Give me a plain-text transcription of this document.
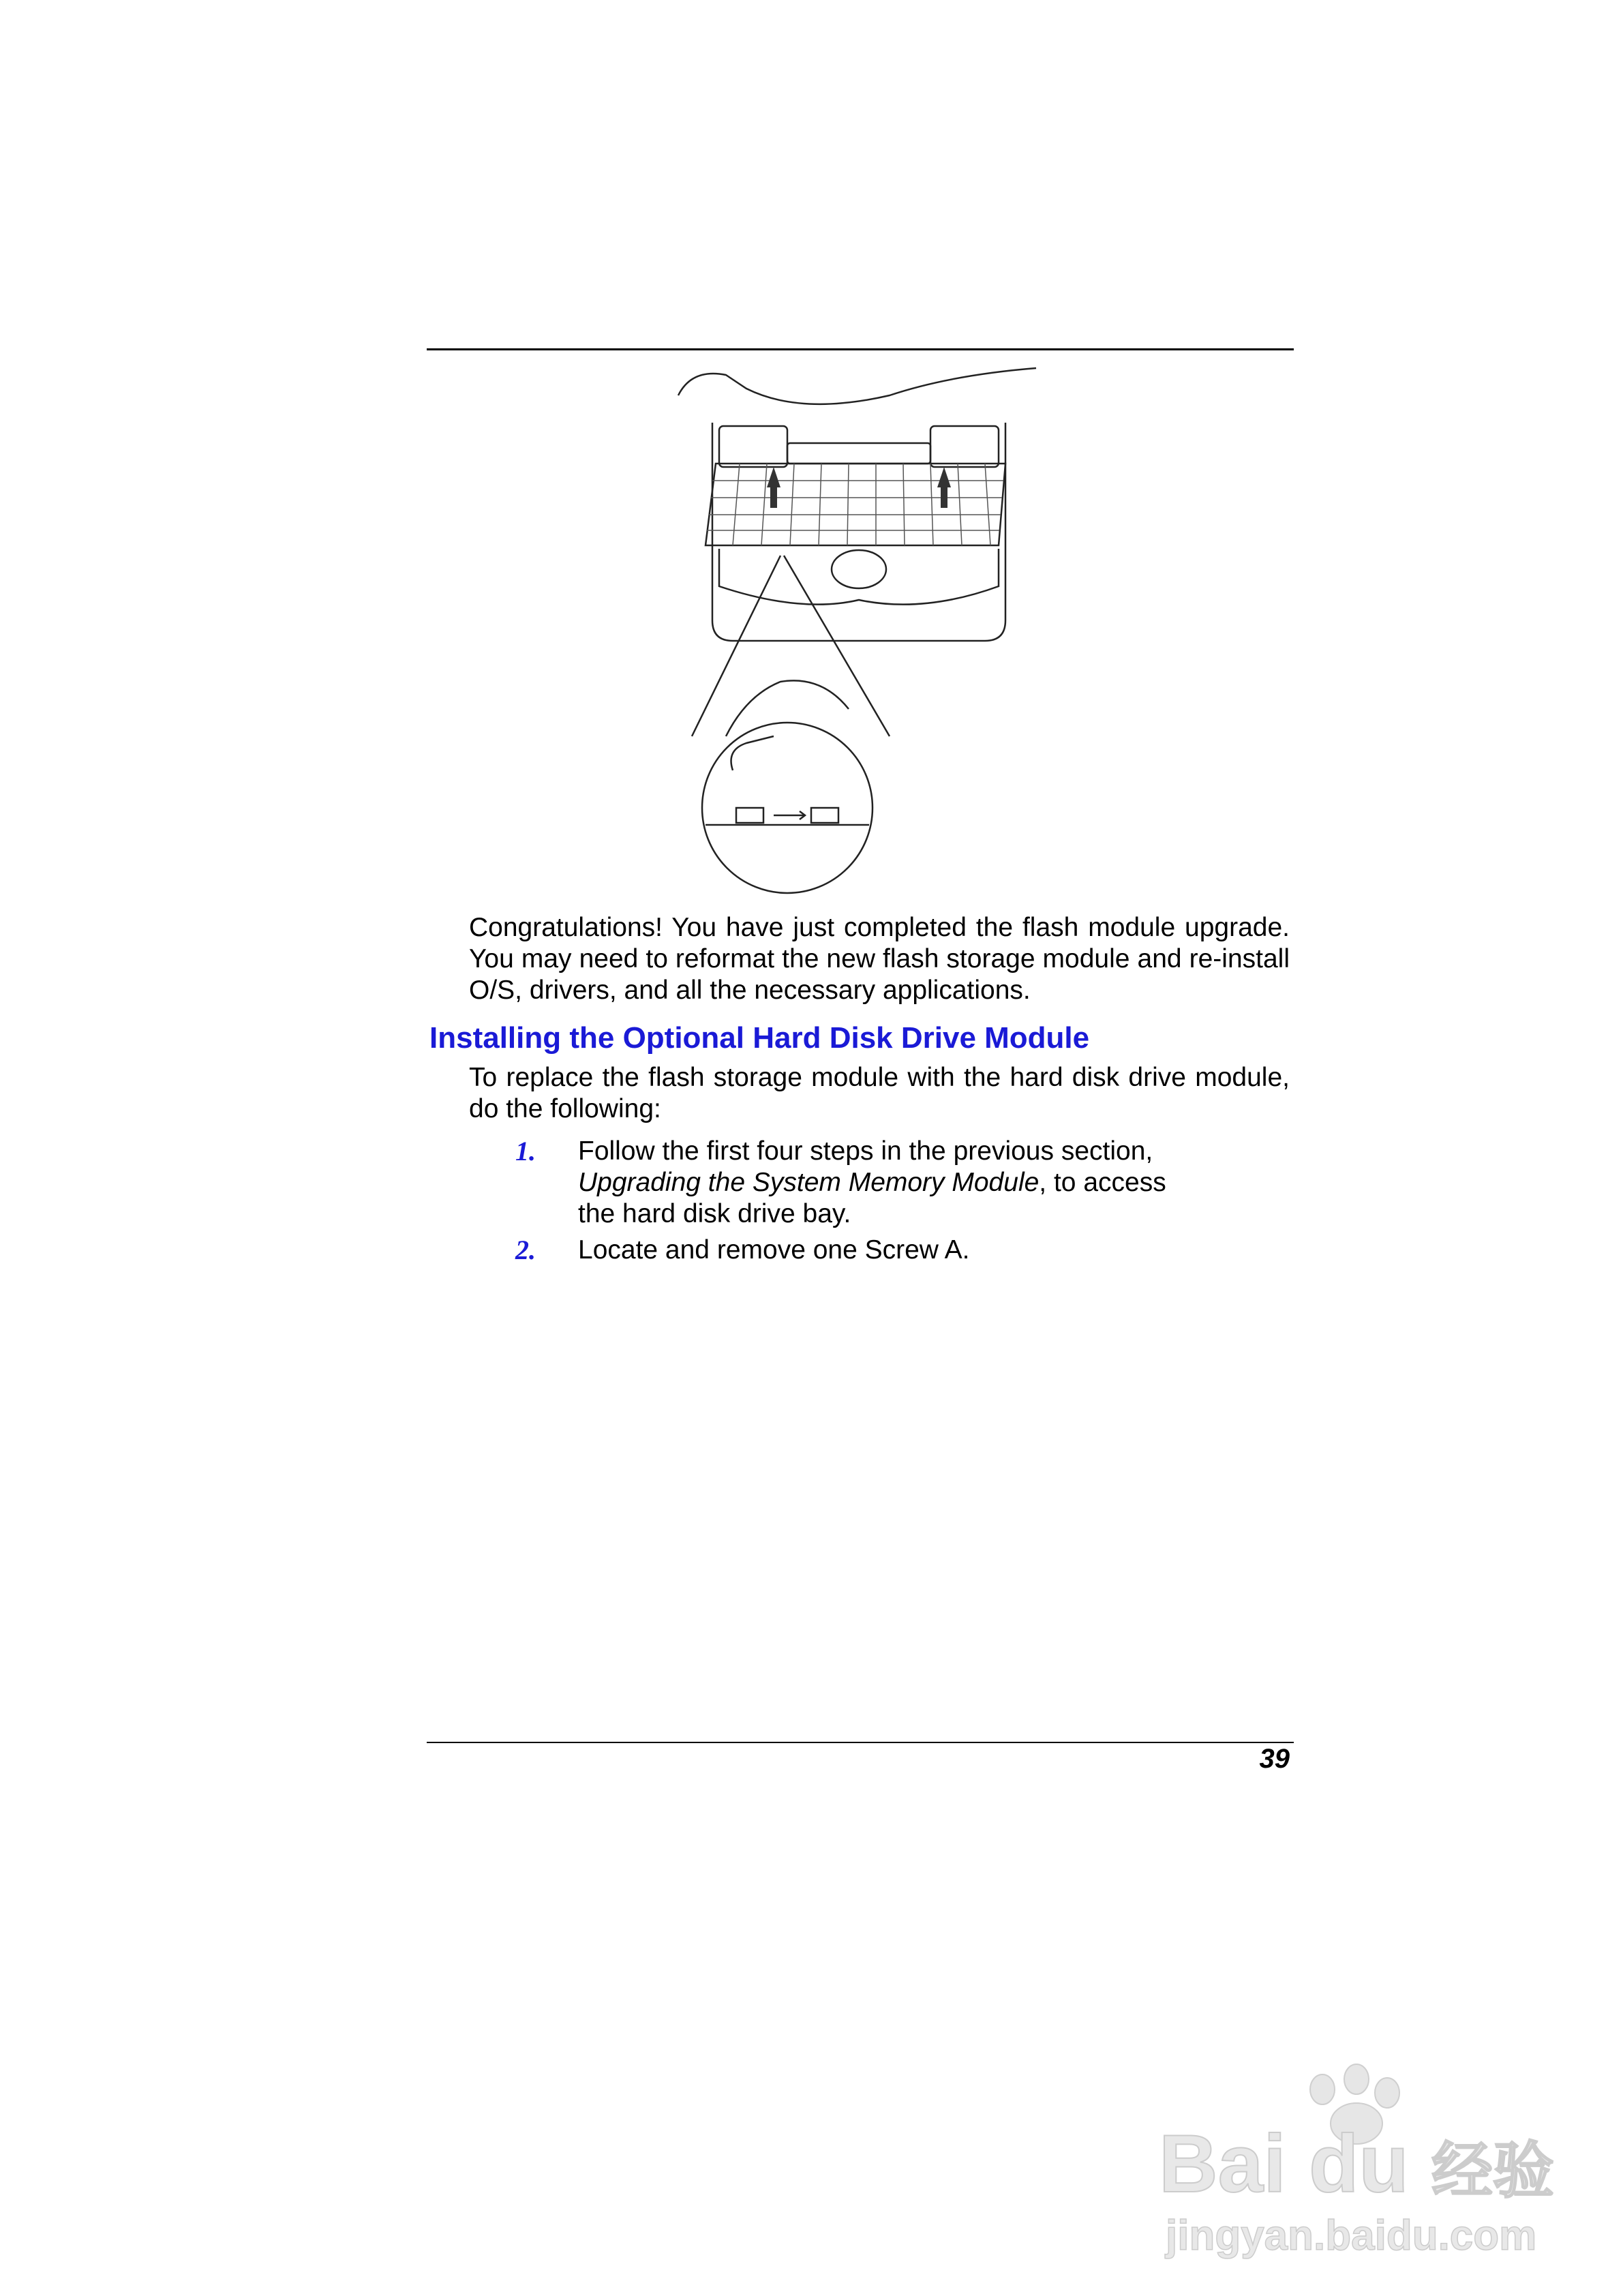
Congratulations! You have just completed the flash module upgrade. You may need to reformat the new flash storage module and re-install O/S, drivers, and all the necessary applications.
Installing the Optional Hard Disk Drive Module
To replace the flash storage module with the hard disk drive module, do the following:
1. Follow the first four steps in the previous section, Upgrading the System Memory Module, to access the hard disk drive bay.
2. Locate and remove one Screw A.
39
Bai du 经验
jingyan.baidu.com
